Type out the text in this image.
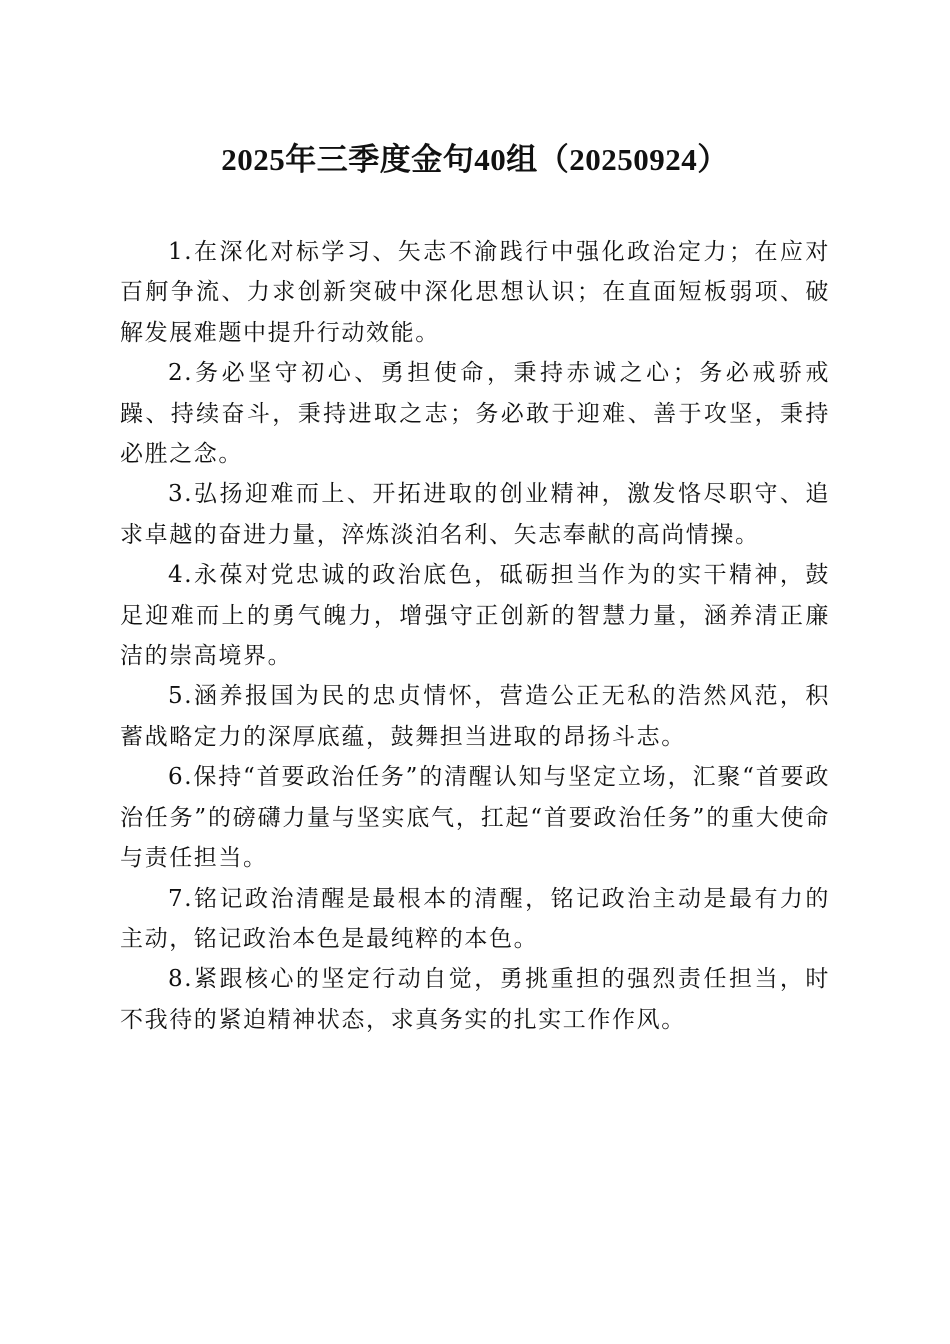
2025年三季度金句40组（20250924）

1.在深化对标学习、矢志不渝践行中强化政治定力；在应对百舸争流、力求创新突破中深化思想认识；在直面短板弱项、破解发展难题中提升行动效能。

2.务必坚守初心、勇担使命，秉持赤诚之心；务必戒骄戒躁、持续奋斗，秉持进取之志；务必敢于迎难、善于攻坚，秉持必胜之念。

3.弘扬迎难而上、开拓进取的创业精神，激发恪尽职守、追求卓越的奋进力量，淬炼淡泊名利、矢志奉献的高尚情操。

4.永葆对党忠诚的政治底色，砥砺担当作为的实干精神，鼓足迎难而上的勇气魄力，增强守正创新的智慧力量，涵养清正廉洁的崇高境界。

5.涵养报国为民的忠贞情怀，营造公正无私的浩然风范，积蓄战略定力的深厚底蕴，鼓舞担当进取的昂扬斗志。

6.保持“首要政治任务”的清醒认知与坚定立场，汇聚“首要政治任务”的磅礴力量与坚实底气，扛起“首要政治任务”的重大使命与责任担当。

7.铭记政治清醒是最根本的清醒，铭记政治主动是最有力的主动，铭记政治本色是最纯粹的本色。

8.紧跟核心的坚定行动自觉，勇挑重担的强烈责任担当，时不我待的紧迫精神状态，求真务实的扎实工作作风。
